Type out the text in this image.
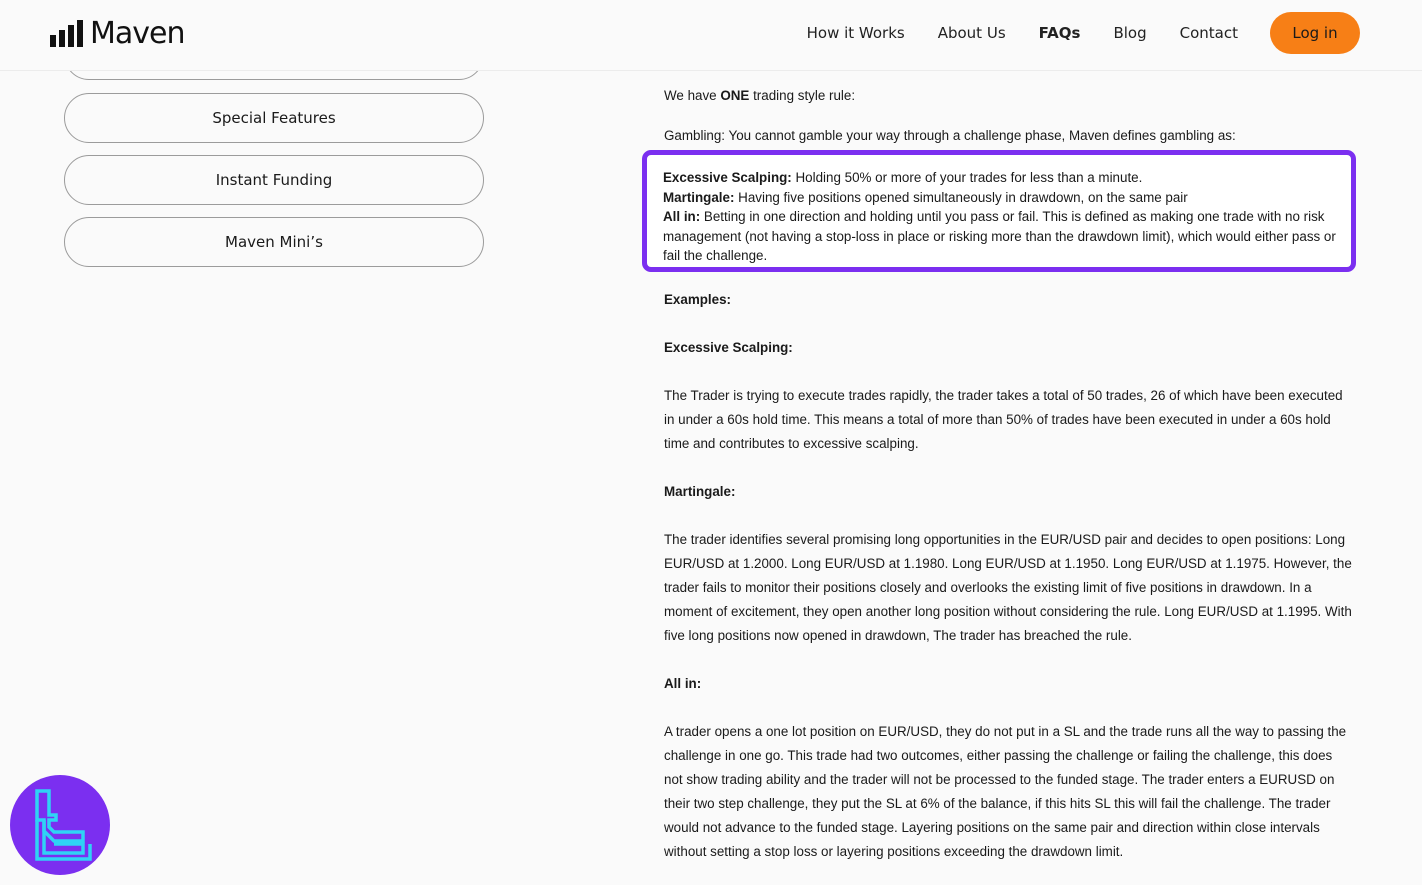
Maven	How it Works About Us FAQs Blog Contact	Log in
Special Features
Instant Funding
Maven Mini’s
Excessive Scalping: Holding 50% or more of your trades for less than a minute.
Martingale: Having five positions opened simultaneously in drawdown, on the same pair
All in: Betting in one direction and holding until you pass or fail. This is defined as making one trade with no risk management (not having a stop-loss in place or risking more than the drawdown limit), which would either pass or fail the challenge.
We have ONE trading style rule:
Gambling: You cannot gamble your way through a challenge phase, Maven defines gambling as:
Examples:
Excessive Scalping:
The Trader is trying to execute trades rapidly, the trader takes a total of 50 trades, 26 of which have been executed in under a 60s hold time. This means a total of more than 50% of trades have been executed in under a 60s hold time and contributes to excessive scalping.
Martingale:
The trader identifies several promising long opportunities in the EUR/USD pair and decides to open positions: Long EUR/USD at 1.2000. Long EUR/USD at 1.1980. Long EUR/USD at 1.1950. Long EUR/USD at 1.1975. However, the trader fails to monitor their positions closely and overlooks the existing limit of five positions in drawdown. In a moment of excitement, they open another long position without considering the rule. Long EUR/USD at 1.1995. With five long positions now opened in drawdown, The trader has breached the rule.
All in:
A trader opens a one lot position on EUR/USD, they do not put in a SL and the trade runs all the way to passing the challenge in one go. This trade had two outcomes, either passing the challenge or failing the challenge, this does not show trading ability and the trader will not be processed to the funded stage. The trader enters a EURUSD on their two step challenge, they put the SL at 6% of the balance, if this hits SL this will fail the challenge. The trader would not advance to the funded stage. Layering positions on the same pair and direction within close intervals without setting a stop loss or layering positions exceeding the drawdown limit.
